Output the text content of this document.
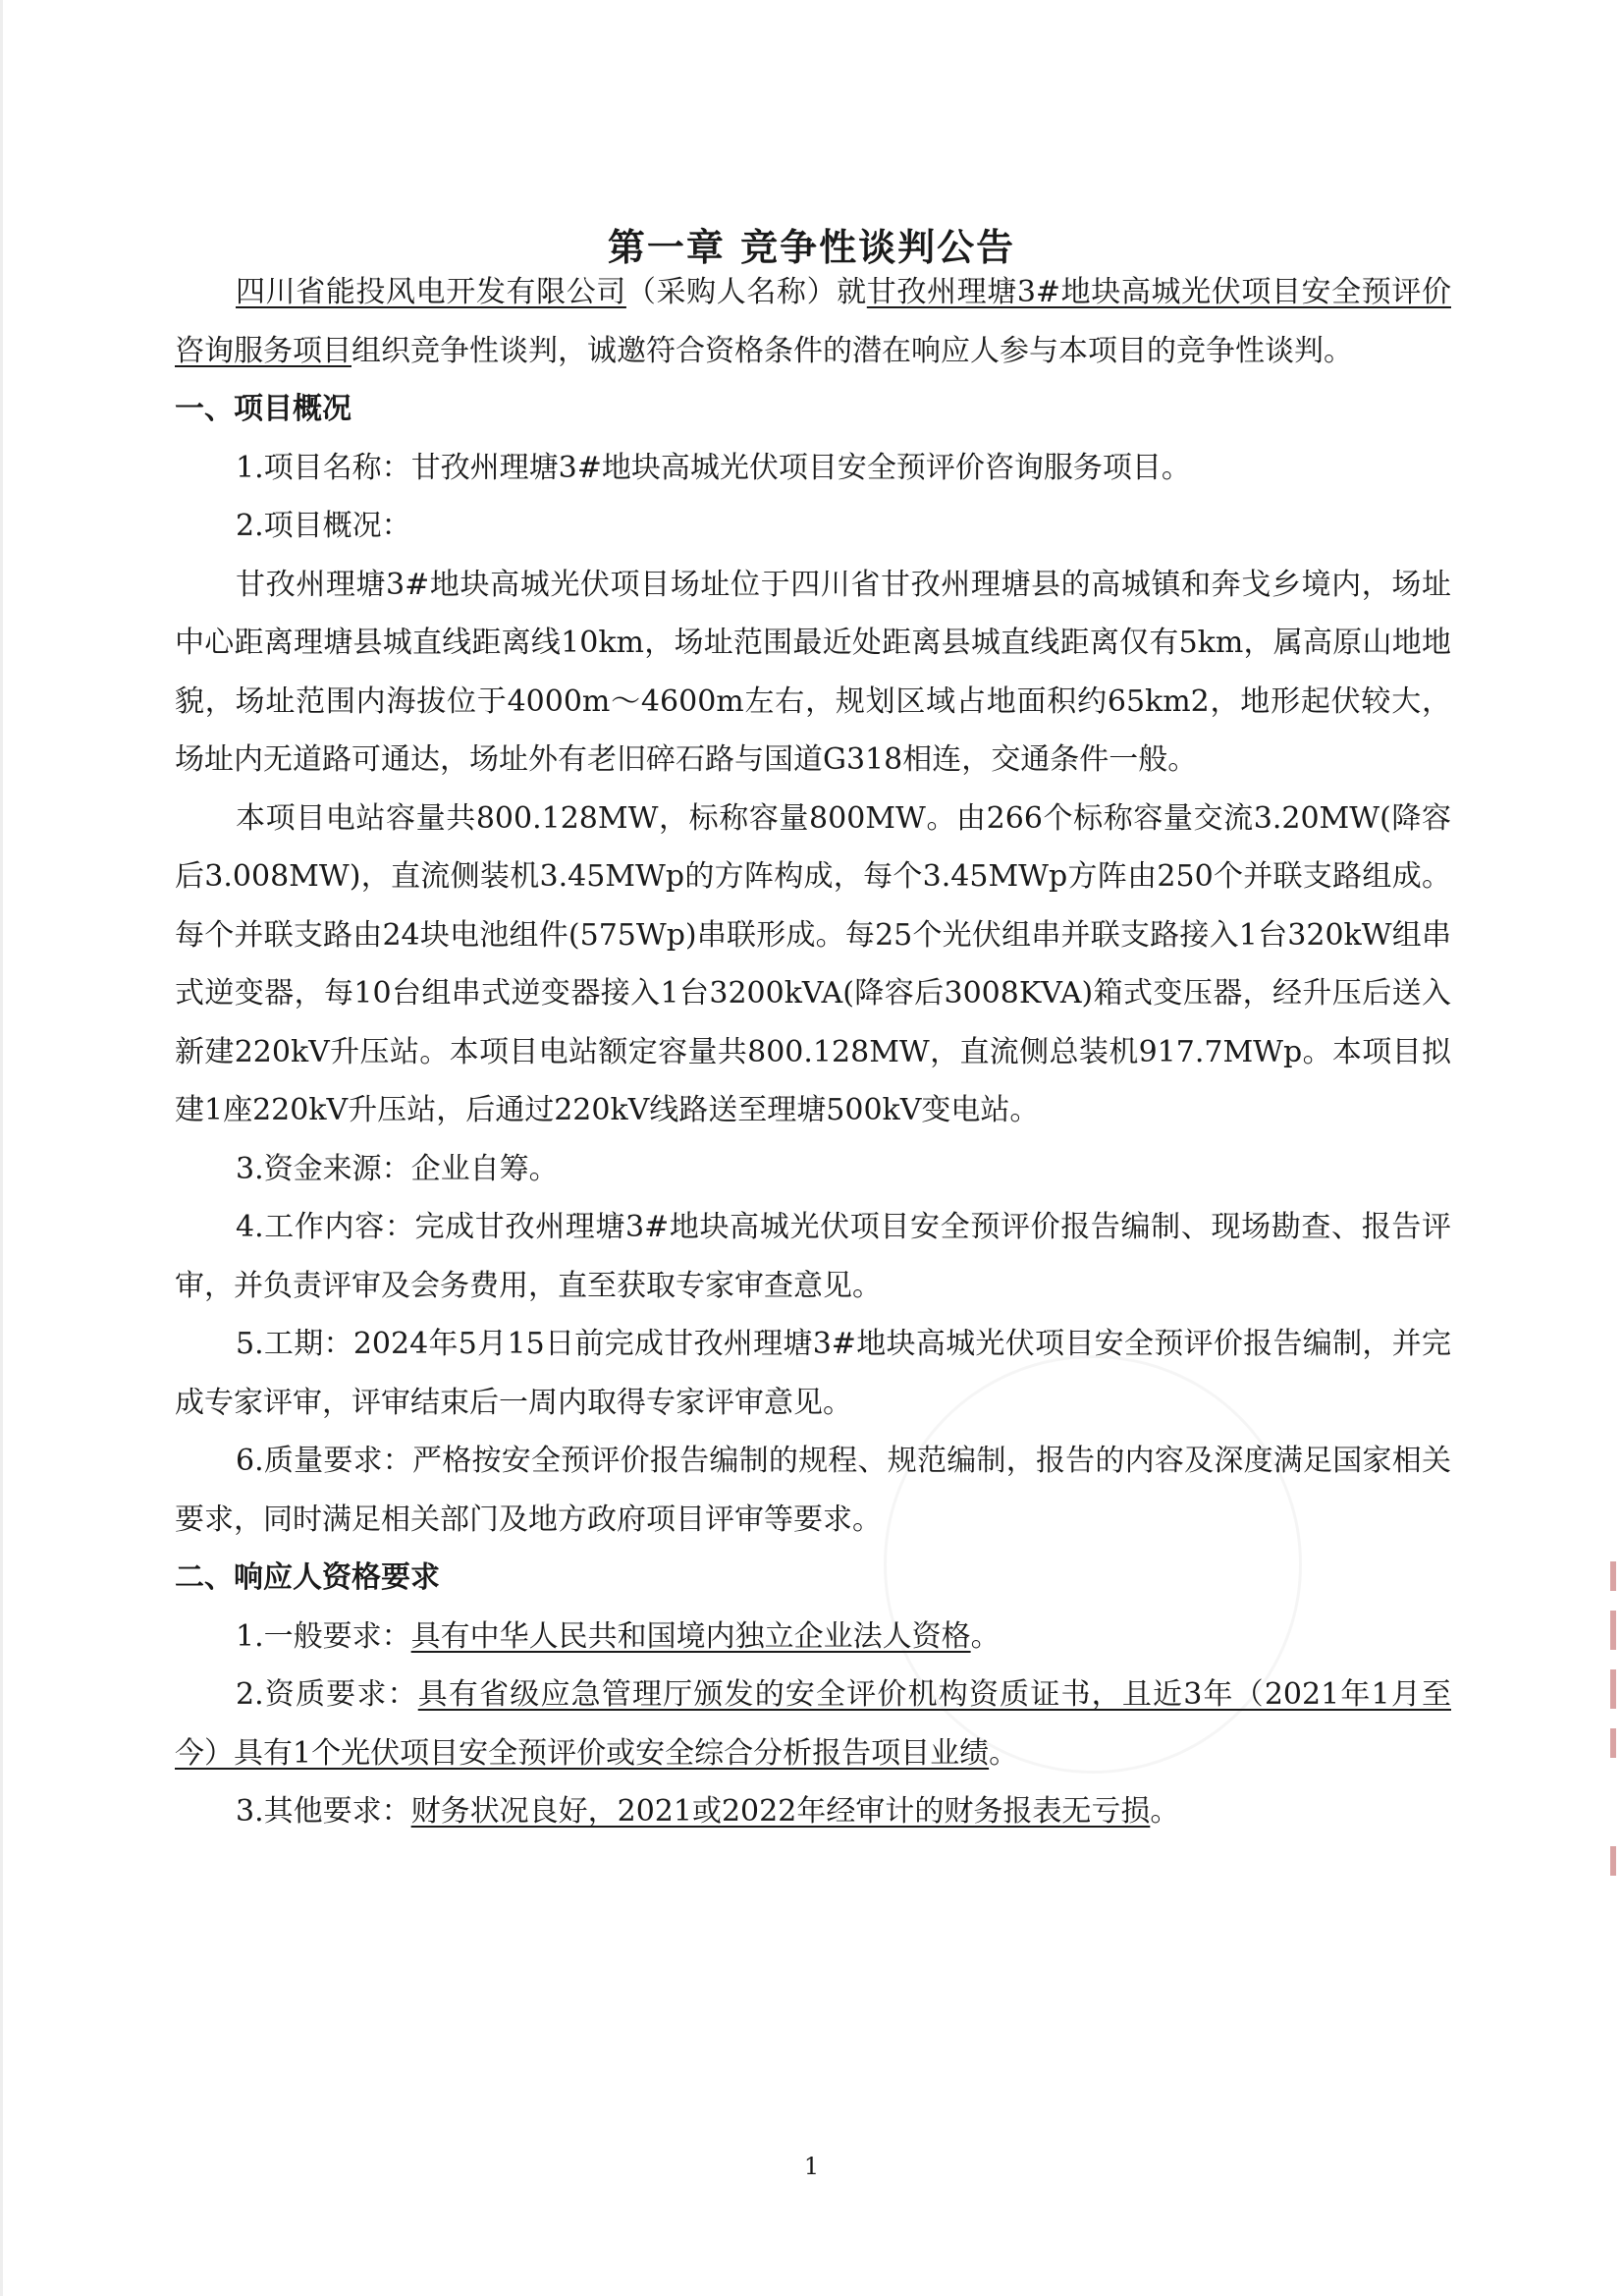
第一章 竞争性谈判公告

四川省能投风电开发有限公司（采购人名称）就甘孜州理塘3#地块高城光伏项目安全预评价咨询服务项目组织竞争性谈判，诚邀符合资格条件的潜在响应人参与本项目的竞争性谈判。

一、项目概况

1.项目名称：甘孜州理塘3#地块高城光伏项目安全预评价咨询服务项目。

2.项目概况：

甘孜州理塘3#地块高城光伏项目场址位于四川省甘孜州理塘县的高城镇和奔戈乡境内，场址中心距离理塘县城直线距离线10km，场址范围最近处距离县城直线距离仅有5km，属高原山地地貌，场址范围内海拔位于4000m～4600m左右，规划区域占地面积约65km2，地形起伏较大，场址内无道路可通达，场址外有老旧碎石路与国道G318相连，交通条件一般。

本项目电站容量共800.128MW，标称容量800MW。由266个标称容量交流3.20MW(降容后3.008MW)，直流侧装机3.45MWp的方阵构成，每个3.45MWp方阵由250个并联支路组成。每个并联支路由24块电池组件(575Wp)串联形成。每25个光伏组串并联支路接入1台320kW组串式逆变器，每10台组串式逆变器接入1台3200kVA(降容后3008KVA)箱式变压器，经升压后送入新建220kV升压站。本项目电站额定容量共800.128MW，直流侧总装机917.7MWp。本项目拟建1座220kV升压站，后通过220kV线路送至理塘500kV变电站。

3.资金来源：企业自筹。

4.工作内容：完成甘孜州理塘3#地块高城光伏项目安全预评价报告编制、现场勘查、报告评审，并负责评审及会务费用，直至获取专家审查意见。

5.工期：2024年5月15日前完成甘孜州理塘3#地块高城光伏项目安全预评价报告编制，并完成专家评审，评审结束后一周内取得专家评审意见。

6.质量要求：严格按安全预评价报告编制的规程、规范编制，报告的内容及深度满足国家相关要求，同时满足相关部门及地方政府项目评审等要求。

二、响应人资格要求

1.一般要求：具有中华人民共和国境内独立企业法人资格。

2.资质要求：具有省级应急管理厅颁发的安全评价机构资质证书，且近3年（2021年1月至今）具有1个光伏项目安全预评价或安全综合分析报告项目业绩。

3.其他要求：财务状况良好，2021或2022年经审计的财务报表无亏损。

1
